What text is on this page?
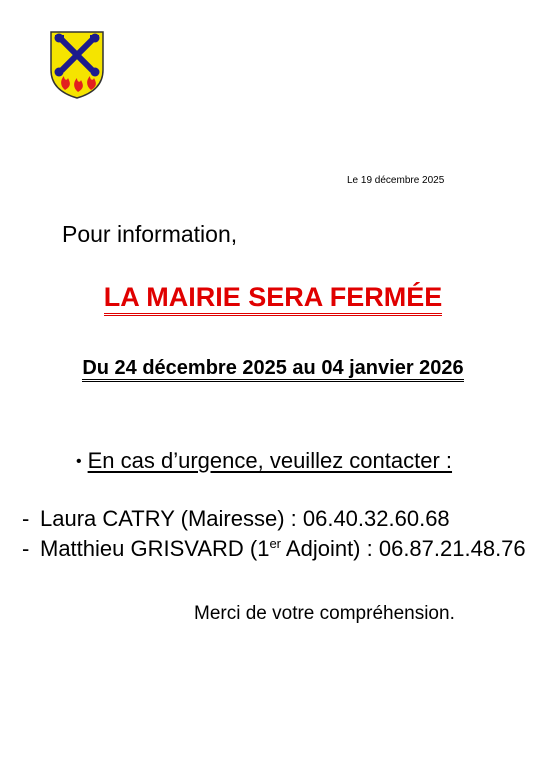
Le 19 décembre 2025
Pour information,
LA MAIRIE SERA FERMÉE
Du 24 décembre 2025 au 04 janvier 2026
• En cas d’urgence, veuillez contacter :
- Laura CATRY (Mairesse) : 06.40.32.60.68
- Matthieu GRISVARD (1er Adjoint) : 06.87.21.48.76
Merci de votre compréhension.
